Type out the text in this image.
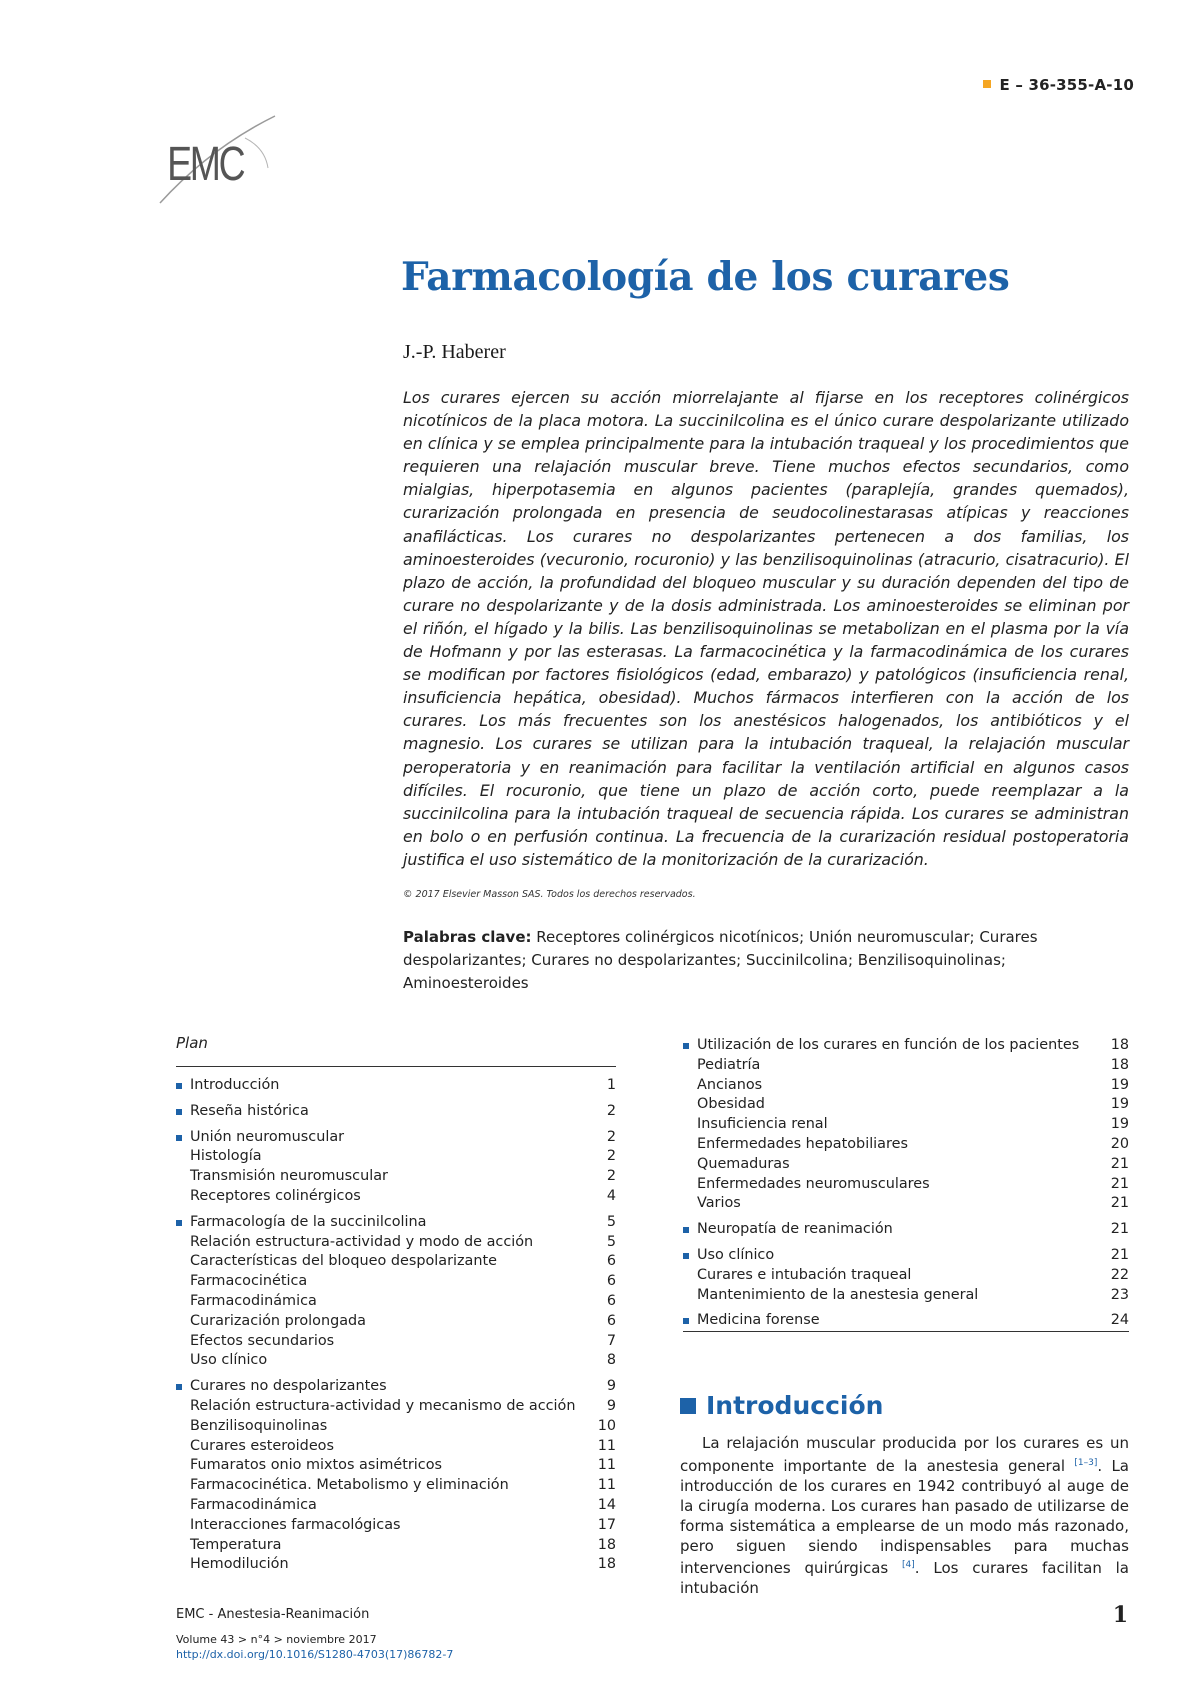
E – 36-355-A-10
EMC
Farmacología de los curares
J.-P. Haberer

Los curares ejercen su acción miorrelajante al fijarse en los receptores colinérgicos nicotínicos de la placa motora. La succinilcolina es el único curare despolarizante utilizado en clínica y se emplea principalmente para la intubación traqueal y los procedimientos que requieren una relajación muscular breve. Tiene muchos efectos secundarios, como mialgias, hiperpotasemia en algunos pacientes (paraplejía, grandes quemados), curarización prolongada en presencia de seudocolinestarasas atípicas y reacciones anafilácticas. Los curares no despolarizantes pertenecen a dos familias, los aminoesteroides (vecuronio, rocuronio) y las benzilisoquinolinas (atracurio, cisatracurio). El plazo de acción, la profundidad del bloqueo muscular y su duración dependen del tipo de curare no despolarizante y de la dosis administrada. Los aminoesteroides se eliminan por el riñón, el hígado y la bilis. Las benzilisoquinolinas se metabolizan en el plasma por la vía de Hofmann y por las esterasas. La farmacocinética y la farmacodinámica de los curares se modifican por factores fisiológicos (edad, embarazo) y patológicos (insuficiencia renal, insuficiencia hepática, obesidad). Muchos fármacos interfieren con la acción de los curares. Los más frecuentes son los anestésicos halogenados, los antibióticos y el magnesio. Los curares se utilizan para la intubación traqueal, la relajación muscular peroperatoria y en reanimación para facilitar la ventilación artificial en algunos casos difíciles. El rocuronio, que tiene un plazo de acción corto, puede reemplazar a la succinilcolina para la intubación traqueal de secuencia rápida. Los curares se administran en bolo o en perfusión continua. La frecuencia de la curarización residual postoperatoria justifica el uso sistemático de la monitorización de la curarización.

© 2017 Elsevier Masson SAS. Todos los derechos reservados.

Palabras clave: Receptores colinérgicos nicotínicos; Unión neuromuscular; Curares despolarizantes; Curares no despolarizantes; Succinilcolina; Benzilisoquinolinas; Aminoesteroides

Plan
Introducción	1
Reseña histórica	2
Unión neuromuscular	2
Histología	2
Transmisión neuromuscular	2
Receptores colinérgicos	4
Farmacología de la succinilcolina	5
Relación estructura-actividad y modo de acción	5
Características del bloqueo despolarizante	6
Farmacocinética	6
Farmacodinámica	6
Curarización prolongada	6
Efectos secundarios	7
Uso clínico	8
Curares no despolarizantes	9
Relación estructura-actividad y mecanismo de acción 9
Benzilisoquinolinas	10
Curares esteroideos	11
Fumaratos onio mixtos asimétricos	11
Farmacocinética. Metabolismo y eliminación	11
Farmacodinámica	14
Interacciones farmacológicas	17
Temperatura	18
Hemodilución	18
Utilización de los curares en función de los pacientes 18
Pediatría	18
Ancianos	19
Obesidad	19
Insuficiencia renal	19
Enfermedades hepatobiliares	20
Quemaduras	21
Enfermedades neuromusculares	21
Varios	21
Neuropatía de reanimación	21
Uso clínico	21
Curares e intubación traqueal	22
Mantenimiento de la anestesia general	23
Medicina forense	24
Introducción

La relajación muscular producida por los curares es un componente importante de la anestesia general [1–3]. La introducción de los curares en 1942 contribuyó al auge de la cirugía moderna. Los curares han pasado de utilizarse de forma sistemática a emplearse de un modo más razonado, pero siguen siendo indispensables para muchas intervenciones quirúrgicas [4]. Los curares facilitan la intubación

EMC - Anestesia-Reanimación
Volume 43 > n°4 > noviembre 2017
http://dx.doi.org/10.1016/S1280-4703(17)86782-7
1
